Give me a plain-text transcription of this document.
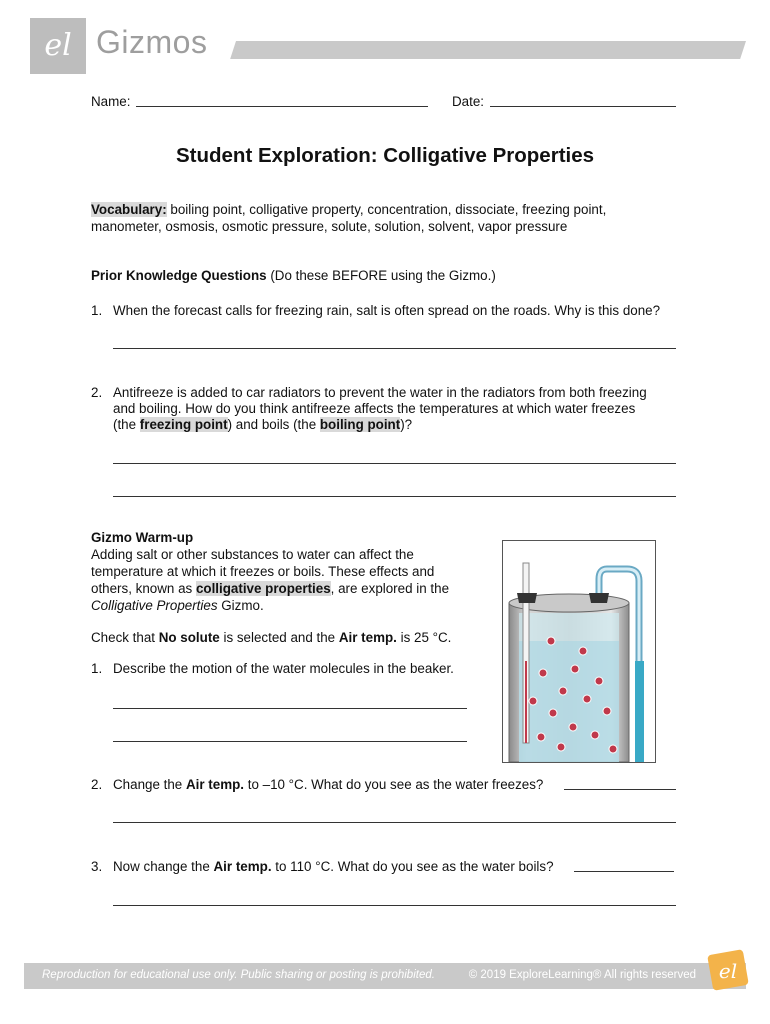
el Gizmos
Name:	Date:
Student Exploration: Colligative Properties
Vocabulary: boiling point, colligative property, concentration, dissociate, freezing point,
manometer, osmosis, osmotic pressure, solute, solution, solvent, vapor pressure
Prior Knowledge Questions (Do these BEFORE using the Gizmo.)
1. When the forecast calls for freezing rain, salt is often spread on the roads. Why is this done?
2. Antifreeze is added to car radiators to prevent the water in the radiators from both freezing
and boiling. How do you think antifreeze affects the temperatures at which water freezes
(the freezing point) and boils (the boiling point)?
Gizmo Warm-up
Adding salt or other substances to water can affect the
temperature at which it freezes or boils. These effects and
others, known as colligative properties, are explored in the
Colligative Properties Gizmo.
Check that No solute is selected and the Air temp. is 25 °C.
1. Describe the motion of the water molecules in the beaker.
2. Change the Air temp. to –10 °C. What do you see as the water freezes?
3. Now change the Air temp. to 110 °C. What do you see as the water boils?
Reproduction for educational use only. Public sharing or posting is prohibited.	© 2019 ExploreLearning® All rights reserved el
